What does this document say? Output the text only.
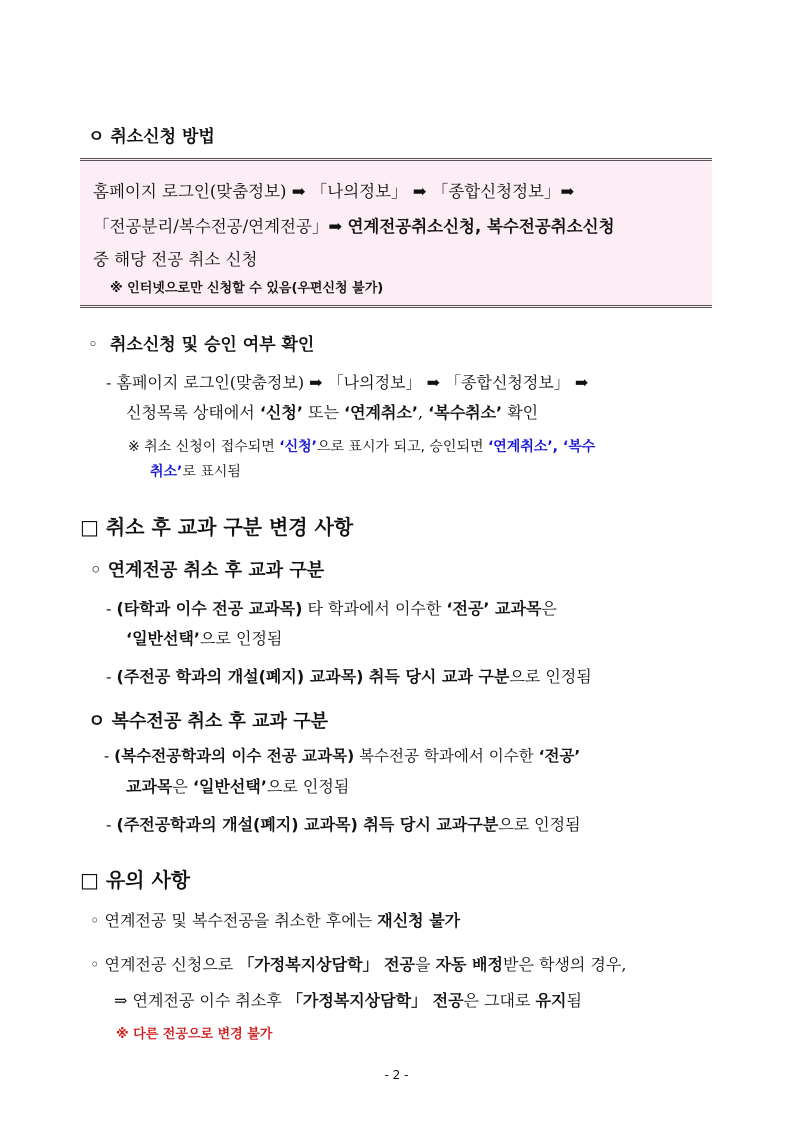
ㅇ 취소신청 방법
홈페이지 로그인(맞춤정보) ➡ 「나의정보」 ➡ 「종합신청정보」➡
「전공분리/복수전공/연계전공」➡ 연계전공취소신청, 복수전공취소신청
중 해당 전공 취소 신청
※ 인터넷으로만 신청할 수 있음(우편신청 불가)
◦ 취소신청 및 승인 여부 확인
- 홈페이지 로그인(맞춤정보) ➡ 「나의정보」 ➡ 「종합신청정보」 ➡
신청목록 상태에서 ‘신청’ 또는 ‘연계취소’, ‘복수취소’ 확인
※ 취소 신청이 접수되면 ‘신청’으로 표시가 되고, 승인되면 ‘연계취소’, ‘복수
취소’로 표시됨
□ 취소 후 교과 구분 변경 사항
◦ 연계전공 취소 후 교과 구분
- (타학과 이수 전공 교과목) 타 학과에서 이수한 ‘전공’ 교과목은
‘일반선택’으로 인정됨
- (주전공 학과의 개설(폐지) 교과목) 취득 당시 교과 구분으로 인정됨
ㅇ 복수전공 취소 후 교과 구분
- (복수전공학과의 이수 전공 교과목) 복수전공 학과에서 이수한 ‘전공’
교과목은 ‘일반선택’으로 인정됨
- (주전공학과의 개설(폐지) 교과목) 취득 당시 교과구분으로 인정됨
□ 유의 사항
◦ 연계전공 및 복수전공을 취소한 후에는 재신청 불가
◦ 연계전공 신청으로 「가정복지상담학」 전공을 자동 배정받은 학생의 경우,
⇒ 연계전공 이수 취소후 「가정복지상담학」 전공은 그대로 유지됨
※ 다른 전공으로 변경 불가
- 2 -
